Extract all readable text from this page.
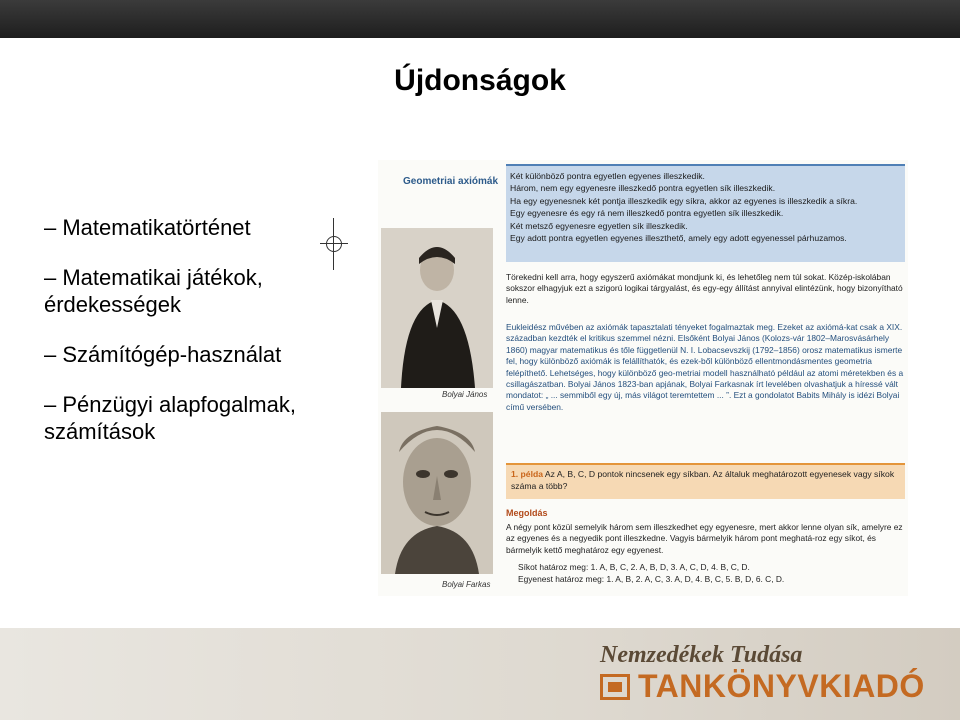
Újdonságok
– Matematikatörténet
– Matematikai játékok, érdekességek
– Számítógép-használat
– Pénzügyi alapfogalmak, számítások
Geometriai axiómák Két különböző pontra egyetlen egyenes illeszkedik.
Három, nem egy egyenesre illeszkedő pontra egyetlen sík illeszkedik.
Ha egy egyenesnek két pontja illeszkedik egy síkra, akkor az egyenes is illeszkedik a síkra.
Egy egyenesre és egy rá nem illeszkedő pontra egyetlen sík illeszkedik.
Két metsző egyenesre egyetlen sík illeszkedik.
Egy adott pontra egyetlen egyenes illeszthető, amely egy adott egyenessel párhuzamos.
Törekedni kell arra, hogy egyszerű axiómákat mondjunk ki, és lehetőleg nem túl sokat. Közép-iskolában sokszor elhagyjuk ezt a szigorú logikai tárgyalást, és egy-egy állítást annyival elintézünk, hogy bizonyítható lenne.
Eukleidész művében az axiómák tapasztalati tényeket fogalmaztak meg. Ezeket az axiómá-kat csak a XIX. században kezdték el kritikus szemmel nézni. Elsőként Bolyai János (Kolozs-vár 1802–Marosvásárhely 1860) magyar matematikus és tőle függetlenül N. I. Lobacsevszkij (1792–1856) orosz matematikus ismerte fel, hogy különböző axiómák is felállíthatók, és ezek-ből különböző ellentmondásmentes geometria felépíthető. Lehetséges, hogy különböző geo-metriai modell használható például az atomi méretekben és a csillagászatban. Bolyai János 1823-ban apjának, Bolyai Farkasnak írt levelében olvashatjuk a híressé vált mondatot: „ ... semmiből egy új, más világot teremtettem ... ”. Ezt a gondolatot Babits Mihály is idézi Bolyai című versében.
1. példa Az A, B, C, D pontok nincsenek egy síkban. Az általuk meghatározott egyenesek vagy síkok száma a több?
Megoldás
A négy pont közül semelyik három sem illeszkedhet egy egyenesre, mert akkor lenne olyan sík, amelyre ez az egyenes és a negyedik pont illeszkedne. Vagyis bármelyik három pont meghatá-roz egy síkot, és bármelyik kettő meghatároz egy egyenest.
Síkot határoz meg: 1. A, B, C, 2. A, B, D, 3. A, C, D, 4. B, C, D.
Egyenest határoz meg: 1. A, B, 2. A, C, 3. A, D, 4. B, C, 5. B, D, 6. C, D.
Bolyai János
Bolyai Farkas
Nemzedékek Tudása
TANKÖNYVKIADÓ
